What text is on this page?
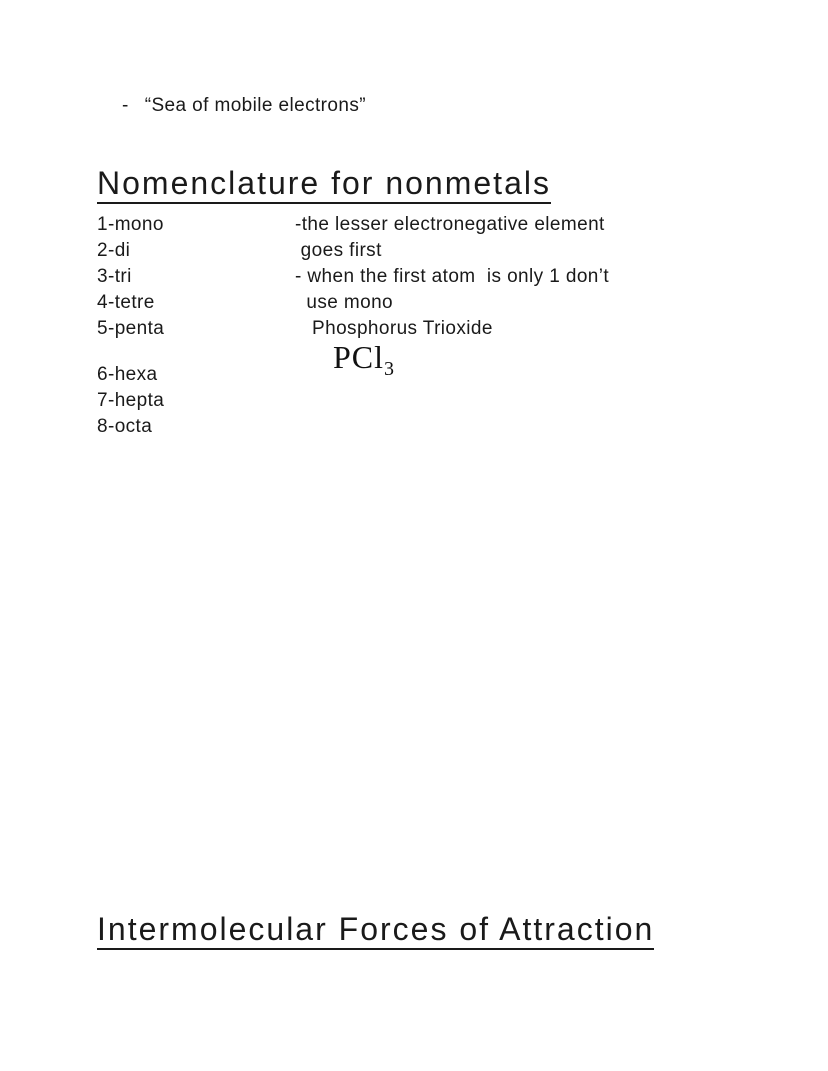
- “Sea of mobile electrons”
Nomenclature for nonmetals
1-mono	-the lesser electronegative element
2-di	goes first
3-tri	- when the first atom  is only 1 don’t
4-tetre	use mono
5-penta	Phosphorus Trioxide
6-hexa
7-hepta
8-octa
PCl$_3$
Intermolecular Forces of Attraction
